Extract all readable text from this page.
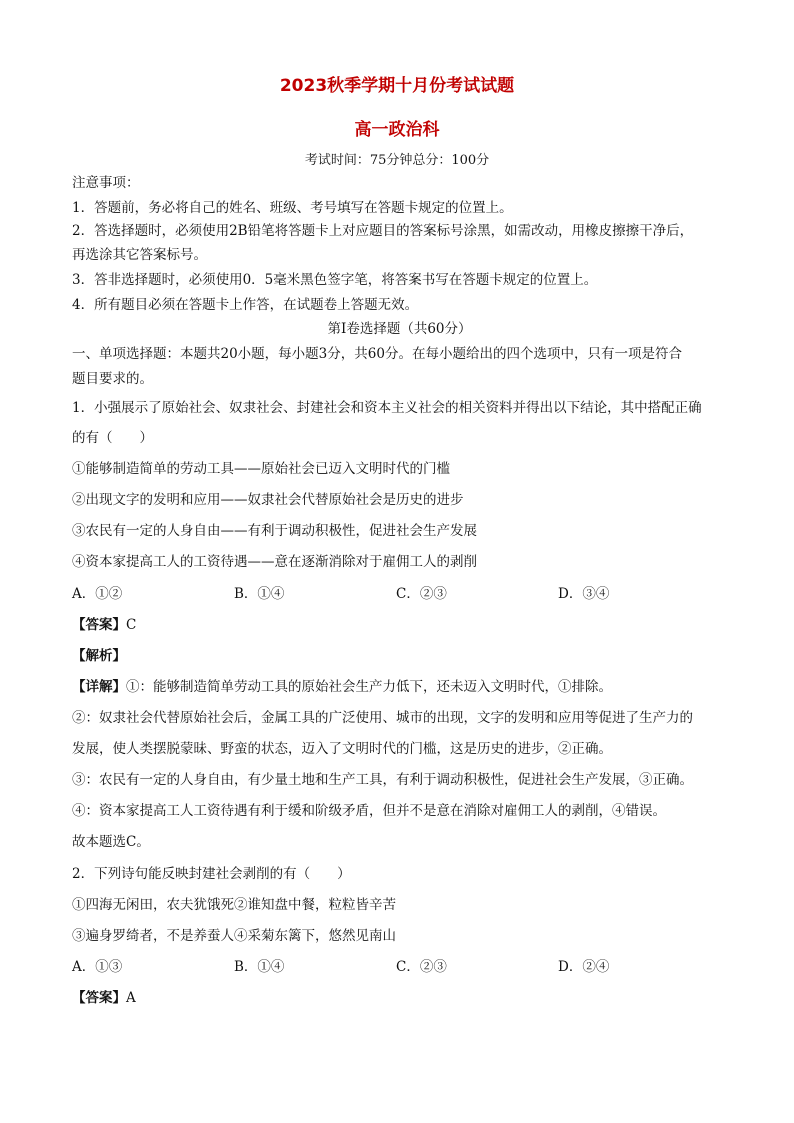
2023秋季学期十月份考试试题
高一政治科
考试时间：75分钟总分：100分
注意事项：
1．答题前，务必将自己的姓名、班级、考号填写在答题卡规定的位置上。
2．答选择题时，必须使用2B铅笔将答题卡上对应题目的答案标号涂黑，如需改动，用橡皮擦擦干净后，
再选涂其它答案标号。
3．答非选择题时，必须使用0．5毫米黑色签字笔，将答案书写在答题卡规定的位置上。
4．所有题目必须在答题卡上作答，在试题卷上答题无效。
第Ⅰ卷选择题（共60分）
一、单项选择题：本题共20小题，每小题3分，共60分。在每小题给出的四个选项中，只有一项是符合
题目要求的。
1．小强展示了原始社会、奴隶社会、封建社会和资本主义社会的相关资料并得出以下结论，其中搭配正确
的有（　　）
①能够制造简单的劳动工具——原始社会已迈入文明时代的门槛
②出现文字的发明和应用——奴隶社会代替原始社会是历史的进步
③农民有一定的人身自由——有利于调动积极性，促进社会生产发展
④资本家提高工人的工资待遇——意在逐渐消除对于雇佣工人的剥削
A．①②	B．①④	C．②③	D．③④
【答案】C
【解析】
【详解】①：能够制造简单劳动工具的原始社会生产力低下，还未迈入文明时代，①排除。
②：奴隶社会代替原始社会后，金属工具的广泛使用、城市的出现，文字的发明和应用等促进了生产力的
发展，使人类摆脱蒙昧、野蛮的状态，迈入了文明时代的门槛，这是历史的进步，②正确。
③：农民有一定的人身自由，有少量土地和生产工具，有利于调动积极性，促进社会生产发展，③正确。
④：资本家提高工人工资待遇有利于缓和阶级矛盾，但并不是意在消除对雇佣工人的剥削，④错误。
故本题选C。
2．下列诗句能反映封建社会剥削的有（　　）
①四海无闲田，农夫犹饿死②谁知盘中餐，粒粒皆辛苦
③遍身罗绮者，不是养蚕人④采菊东篱下，悠然见南山
A．①③	B．①④	C．②③	D．②④
【答案】A
